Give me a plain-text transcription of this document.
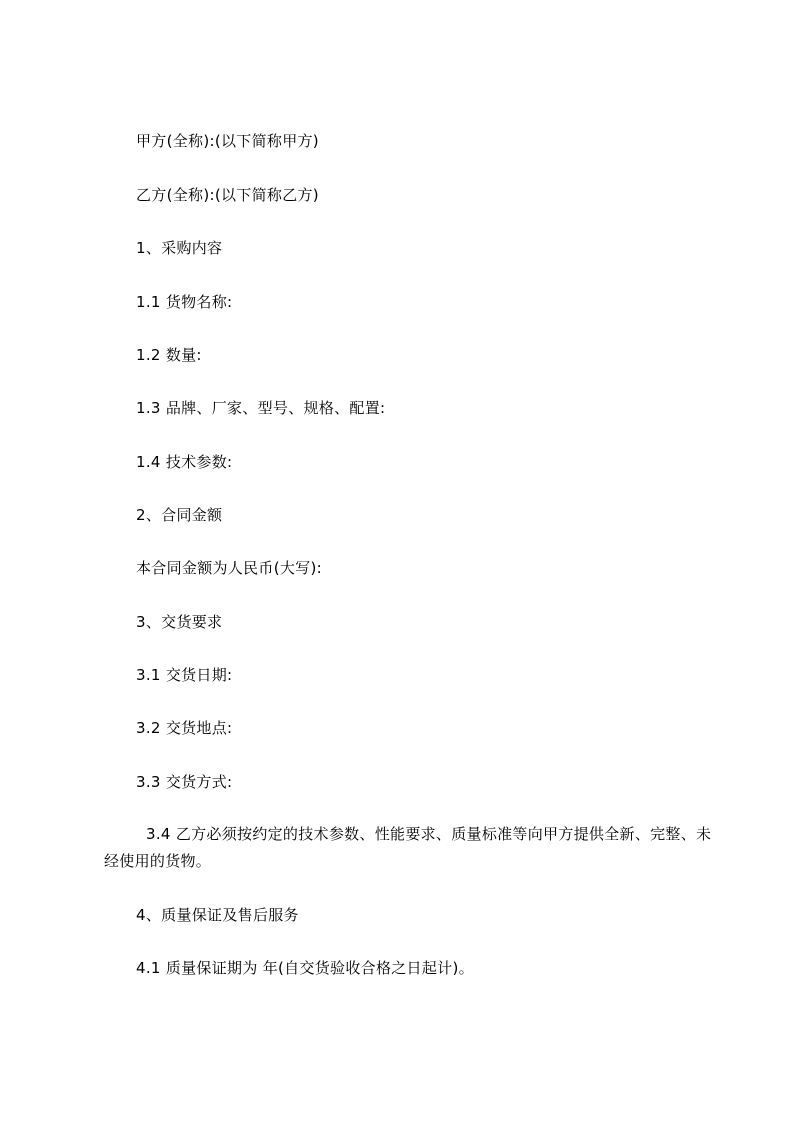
甲方(全称):(以下简称甲方)
乙方(全称):(以下简称乙方)
1、采购内容
1.1 货物名称:
1.2 数量:
1.3 品牌、厂家、型号、规格、配置:
1.4 技术参数:
2、合同金额
本合同金额为人民币(大写):
3、交货要求
3.1 交货日期:
3.2 交货地点:
3.3 交货方式:
3.4 乙方必须按约定的技术参数、性能要求、质量标准等向甲方提供全新、完整、未经使用的货物。
4、质量保证及售后服务
4.1 质量保证期为 年(自交货验收合格之日起计)。
